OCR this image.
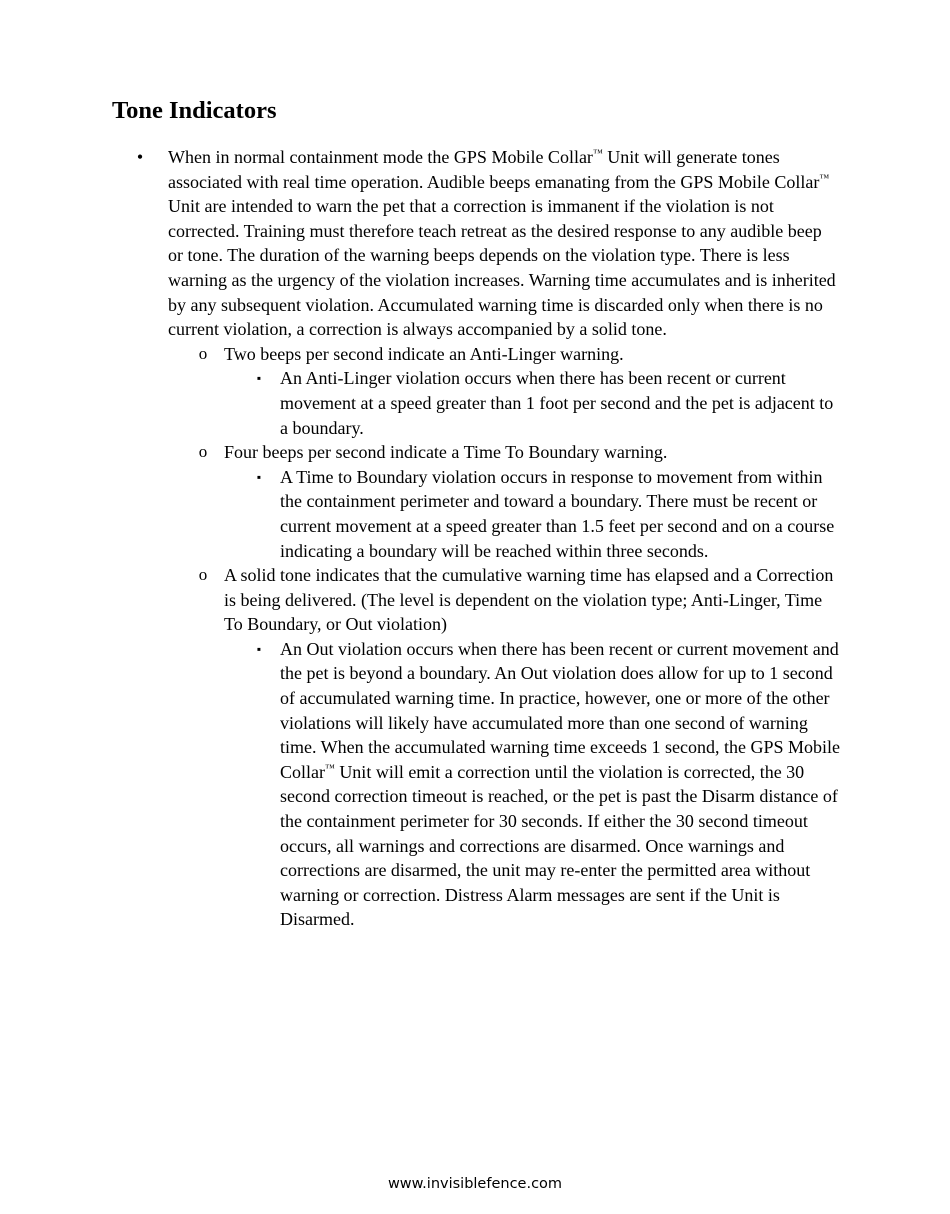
Tone Indicators
• When in normal containment mode the GPS Mobile Collar™ Unit will generate tones associated with real time operation. Audible beeps emanating from the GPS Mobile Collar™ Unit are intended to warn the pet that a correction is immanent if the violation is not corrected. Training must therefore teach retreat as the desired response to any audible beep or tone. The duration of the warning beeps depends on the violation type. There is less warning as the urgency of the violation increases. Warning time accumulates and is inherited by any subsequent violation. Accumulated warning time is discarded only when there is no current violation, a correction is always accompanied by a solid tone.
o Two beeps per second indicate an Anti-Linger warning.
▪ An Anti-Linger violation occurs when there has been recent or current movement at a speed greater than 1 foot per second and the pet is adjacent to a boundary.
o Four beeps per second indicate a Time To Boundary warning.
▪ A Time to Boundary violation occurs in response to movement from within the containment perimeter and toward a boundary. There must be recent or current movement at a speed greater than 1.5 feet per second and on a course indicating a boundary will be reached within three seconds.
o A solid tone indicates that the cumulative warning time has elapsed and a Correction is being delivered. (The level is dependent on the violation type; Anti-Linger, Time To Boundary, or Out violation)
▪ An Out violation occurs when there has been recent or current movement and the pet is beyond a boundary. An Out violation does allow for up to 1 second of accumulated warning time. In practice, however, one or more of the other violations will likely have accumulated more than one second of warning time. When the accumulated warning time exceeds 1 second, the GPS Mobile Collar™ Unit will emit a correction until the violation is corrected, the 30 second correction timeout is reached, or the pet is past the Disarm distance of the containment perimeter for 30 seconds. If either the 30 second timeout occurs, all warnings and corrections are disarmed. Once warnings and corrections are disarmed, the unit may re-enter the permitted area without warning or correction. Distress Alarm messages are sent if the Unit is Disarmed.
www.invisiblefence.com
